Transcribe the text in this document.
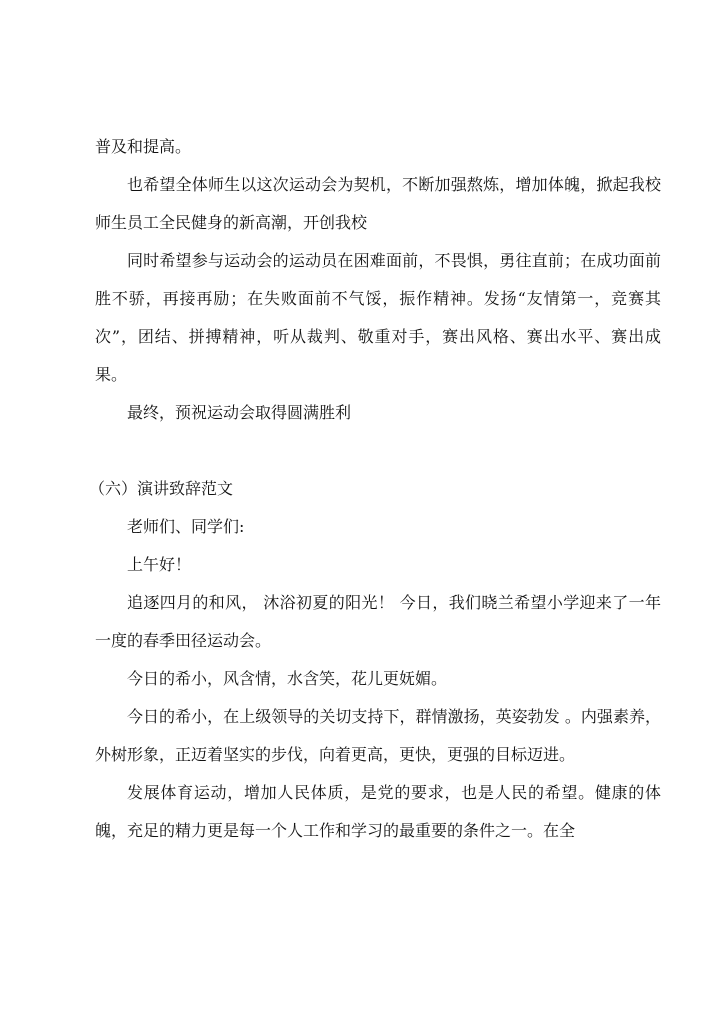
普及和提高。

也希望全体师生以这次运动会为契机，不断加强熬炼，增加体魄，掀起我校师生员工全民健身的新高潮，开创我校

同时希望参与运动会的运动员在困难面前，不畏惧，勇往直前；在成功面前胜不骄，再接再励；在失败面前不气馁，振作精神。发扬“友情第一，竞赛其次”，团结、拼搏精神，听从裁判、敬重对手，赛出风格、赛出水平、赛出成果。

最终，预祝运动会取得圆满胜利

（六）演讲致辞范文

老师们、同学们:

上午好！

追逐四月的和风， 沐浴初夏的阳光！ 今日，我们晓兰希望小学迎来了一年一度的春季田径运动会。

今日的希小，风含情，水含笑，花儿更妩媚。

今日的希小，在上级领导的关切支持下，群情激扬，英姿勃发 。内强素养，外树形象，正迈着坚实的步伐，向着更高，更快，更强的目标迈进。

发展体育运动，增加人民体质，是党的要求，也是人民的希望。健康的体魄，充足的精力更是每一个人工作和学习的最重要的条件之一。在全
